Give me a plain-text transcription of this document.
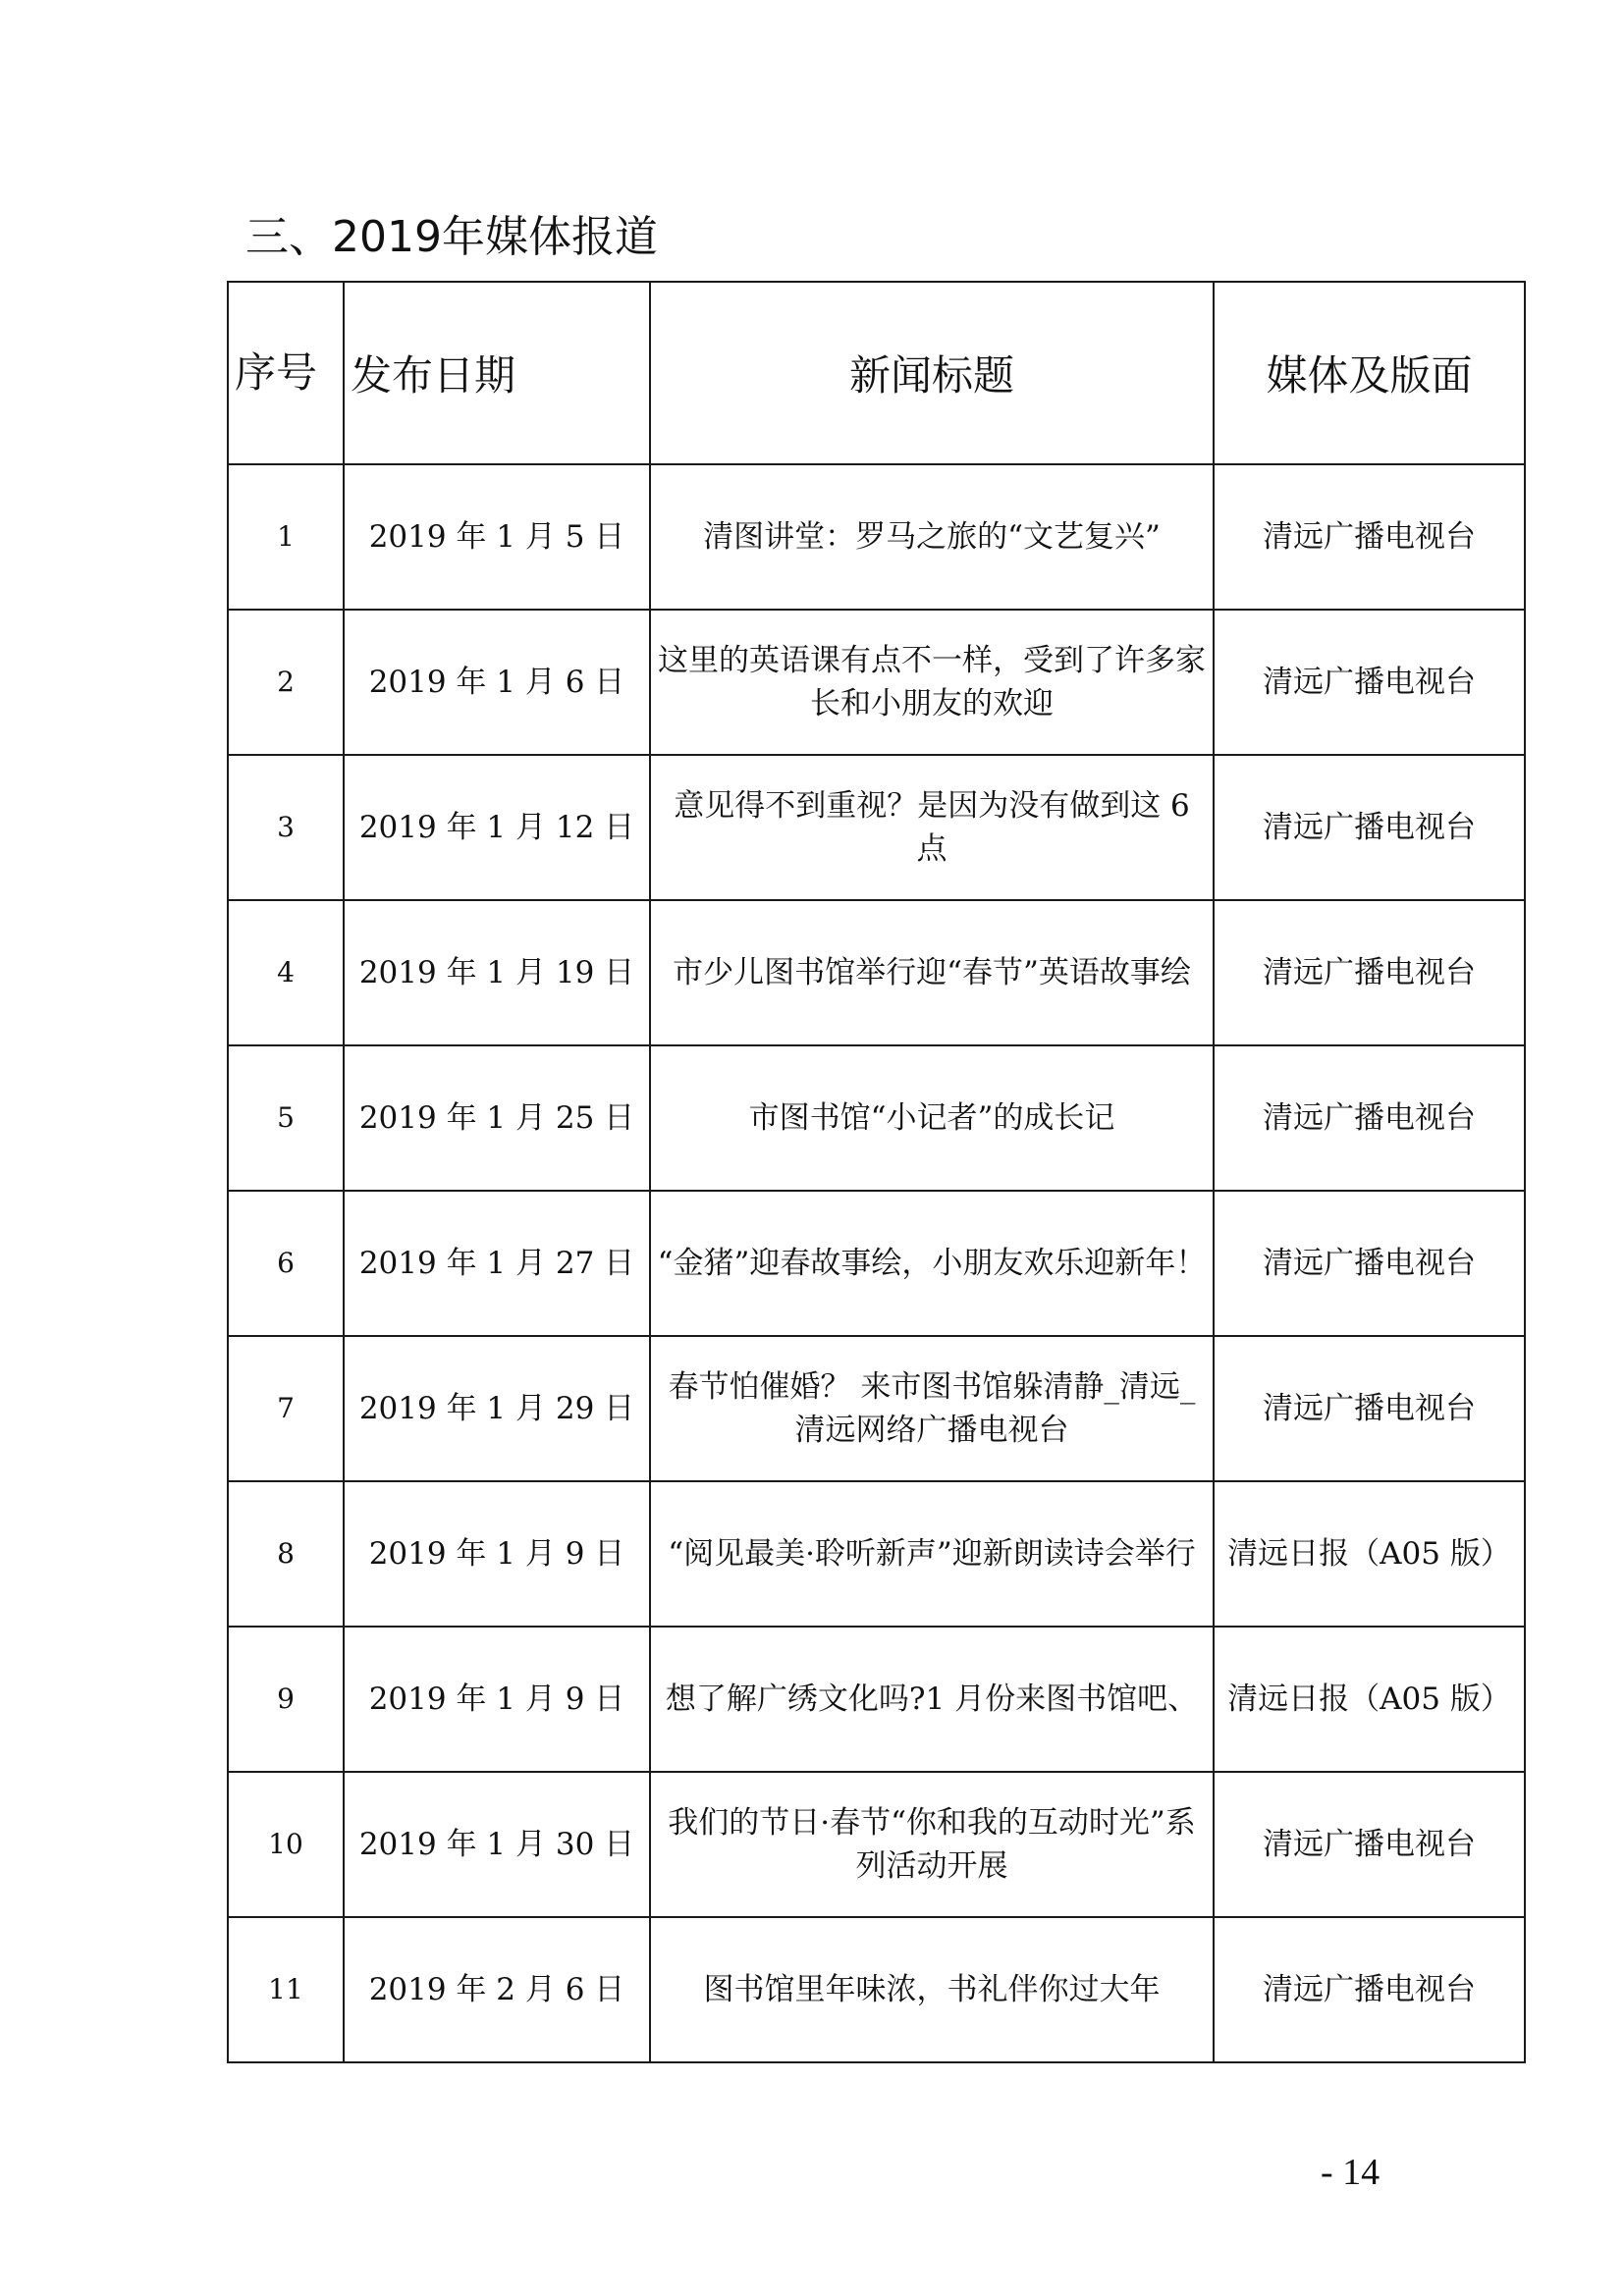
三、2019年媒体报道
序号	发布日期	新闻标题	媒体及版面
1	2019 年 1 月 5 日	清图讲堂：罗马之旅的“文艺复兴”	清远广播电视台
2	2019 年 1 月 6 日	这里的英语课有点不一样，受到了许多家长和小朋友的欢迎	清远广播电视台
3	2019 年 1 月 12 日	意见得不到重视？是因为没有做到这 6 点	清远广播电视台
4	2019 年 1 月 19 日	市少儿图书馆举行迎“春节”英语故事绘	清远广播电视台
5	2019 年 1 月 25 日	市图书馆“小记者”的成长记	清远广播电视台
6	2019 年 1 月 27 日	“金猪”迎春故事绘，小朋友欢乐迎新年！	清远广播电视台
7	2019 年 1 月 29 日	春节怕催婚？ 来市图书馆躲清静_清远_清远网络广播电视台	清远广播电视台
8	2019 年 1 月 9 日	“阅见最美·聆听新声”迎新朗读诗会举行	清远日报（A05 版）
9	2019 年 1 月 9 日	想了解广绣文化吗?1 月份来图书馆吧、	清远日报（A05 版）
10	2019 年 1 月 30 日	我们的节日·春节“你和我的互动时光”系列活动开展	清远广播电视台
11	2019 年 2 月 6 日	图书馆里年味浓，书礼伴你过大年	清远广播电视台
- 14
